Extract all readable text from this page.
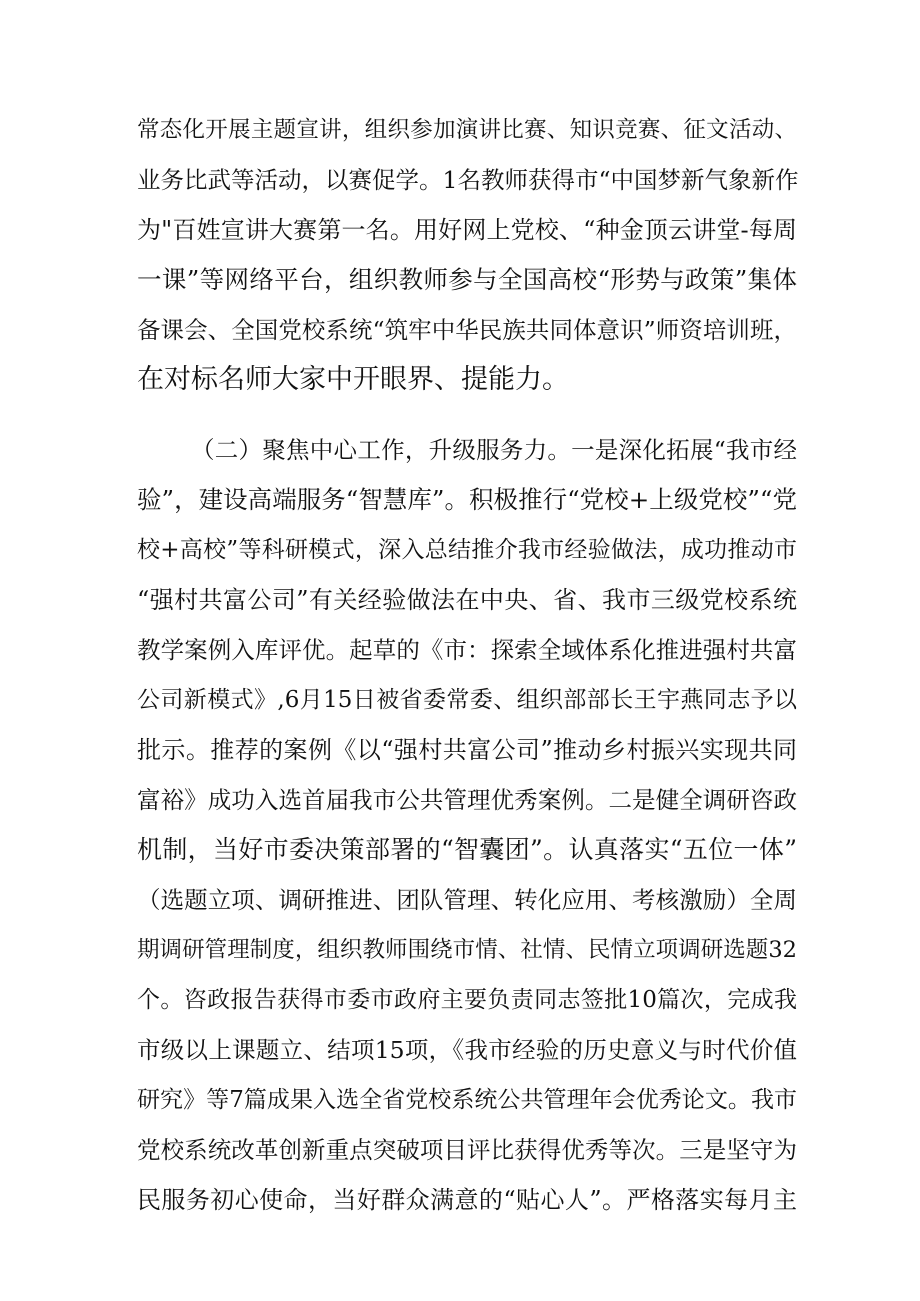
常态化开展主题宣讲，组织参加演讲比赛、知识竞赛、征文活动、
业务比武等活动，以赛促学。1名教师获得市“中国梦新气象新作
为"百姓宣讲大赛第一名。用好网上党校、“种金顶云讲堂-每周
一课”等网络平台，组织教师参与全国高校“形势与政策”集体
备课会、全国党校系统“筑牢中华民族共同体意识”师资培训班，
在对标名师大家中开眼界、提能力。
（二）聚焦中心工作，升级服务力。一是深化拓展“我市经
验”，建设高端服务“智慧库”。积极推行“党校+上级党校”“党
校+高校”等科研模式，深入总结推介我市经验做法，成功推动市
“强村共富公司”有关经验做法在中央、省、我市三级党校系统
教学案例入库评优。起草的《市：探索全域体系化推进强村共富
公司新模式》,6月15日被省委常委、组织部部长王宇燕同志予以
批示。推荐的案例《以“强村共富公司”推动乡村振兴实现共同
富裕》成功入选首届我市公共管理优秀案例。二是健全调研咨政
机制，当好市委决策部署的“智囊团”。认真落实“五位一体”
（选题立项、调研推进、团队管理、转化应用、考核激励）全周
期调研管理制度，组织教师围绕市情、社情、民情立项调研选题32
个。咨政报告获得市委市政府主要负责同志签批10篇次，完成我
市级以上课题立、结项15项，《我市经验的历史意义与时代价值
研究》等7篇成果入选全省党校系统公共管理年会优秀论文。我市
党校系统改革创新重点突破项目评比获得优秀等次。三是坚守为
民服务初心使命，当好群众满意的“贴心人”。严格落实每月主
